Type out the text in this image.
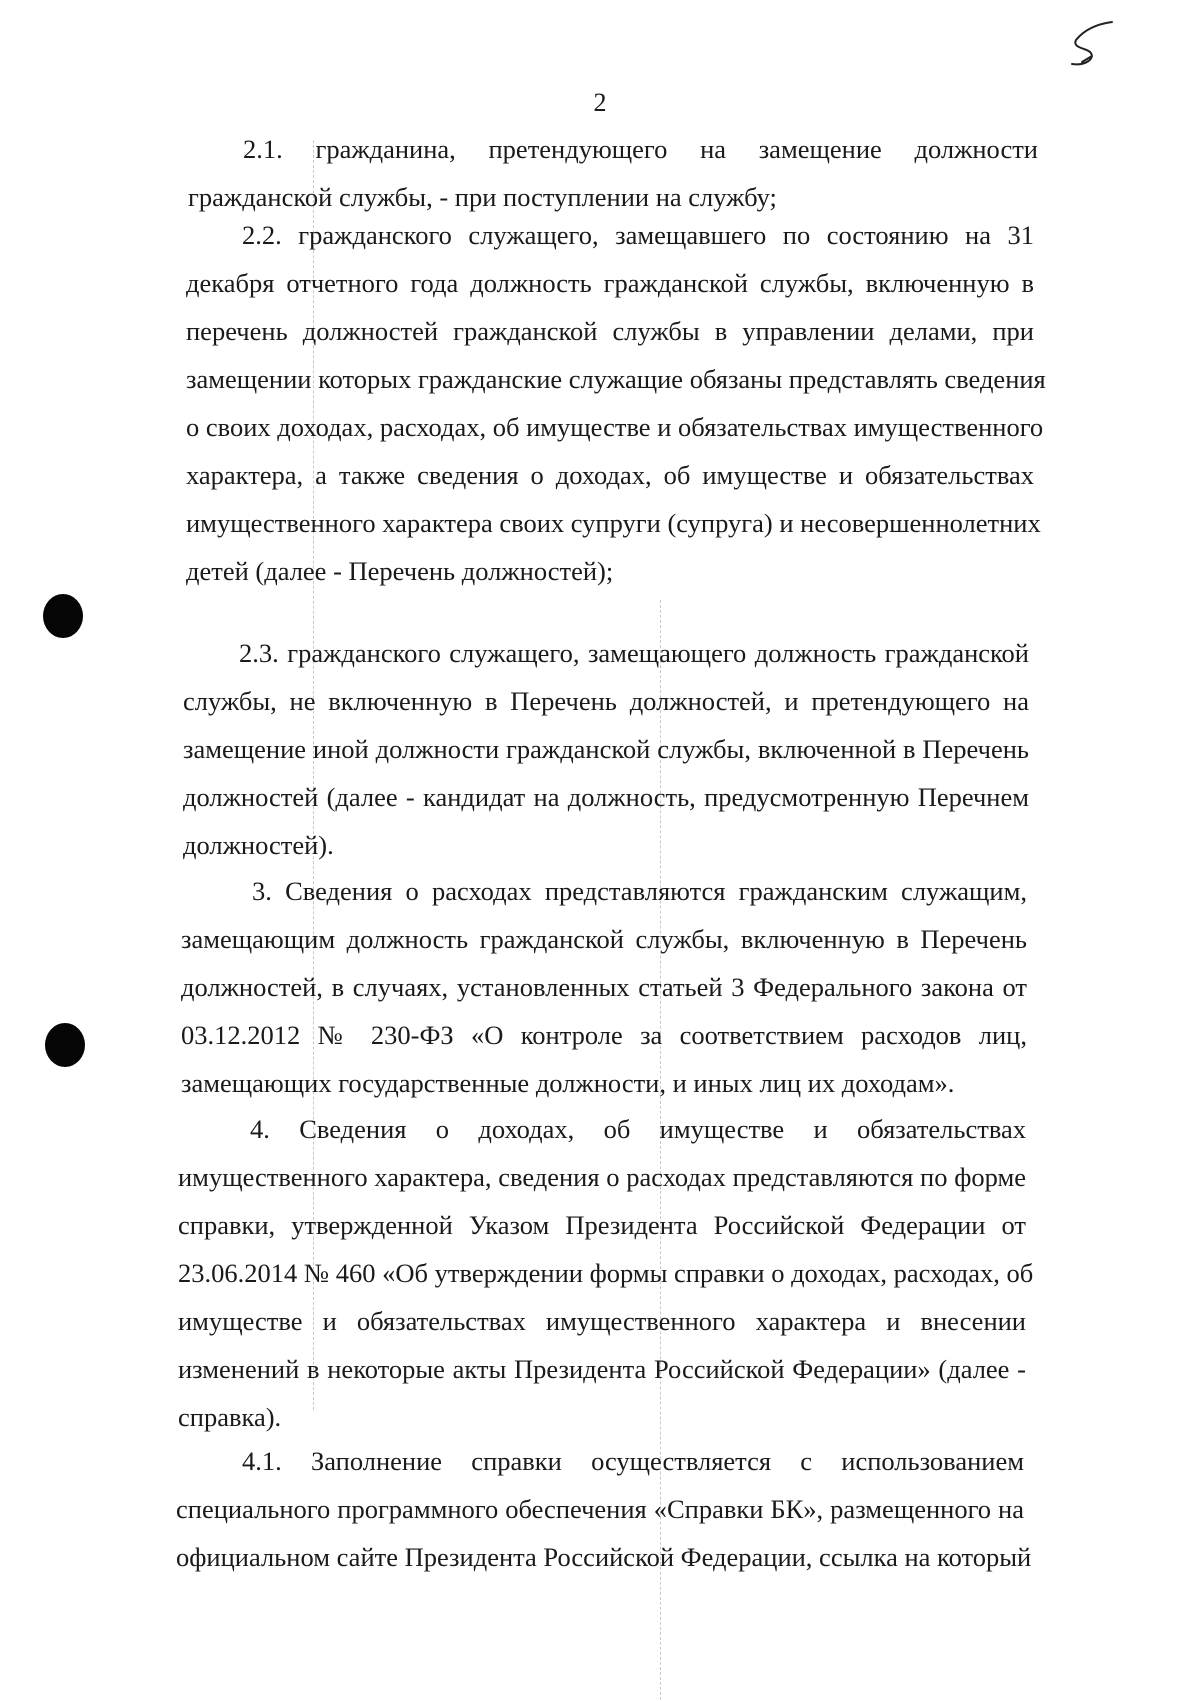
2
2.1. гражданина, претендующего на замещение должности
гражданской службы, - при поступлении на службу;
2.2. гражданского служащего, замещавшего по состоянию на 31
декабря отчетного года должность гражданской службы, включенную в
перечень должностей гражданской службы в управлении делами, при
замещении которых гражданские служащие обязаны представлять сведения
о своих доходах, расходах, об имуществе и обязательствах имущественного
характера, а также сведения о доходах, об имуществе и обязательствах
имущественного характера своих супруги (супруга) и несовершеннолетних
детей (далее - Перечень должностей);
2.3. гражданского служащего, замещающего должность гражданской
службы, не включенную в Перечень должностей, и претендующего на
замещение иной должности гражданской службы, включенной в Перечень
должностей (далее - кандидат на должность, предусмотренную Перечнем
должностей).
3. Сведения о расходах представляются гражданским служащим,
замещающим должность гражданской службы, включенную в Перечень
должностей, в случаях, установленных статьей 3 Федерального закона от
03.12.2012 № 230-ФЗ «О контроле за соответствием расходов лиц,
замещающих государственные должности, и иных лиц их доходам».
4. Сведения о доходах, об имуществе и обязательствах
имущественного характера, сведения о расходах представляются по форме
справки, утвержденной Указом Президента Российской Федерации от
23.06.2014 № 460 «Об утверждении формы справки о доходах, расходах, об
имуществе и обязательствах имущественного характера и внесении
изменений в некоторые акты Президента Российской Федерации» (далее -
справка).
4.1. Заполнение справки осуществляется с использованием
специального программного обеспечения «Справки БК», размещенного на
официальном сайте Президента Российской Федерации, ссылка на который
